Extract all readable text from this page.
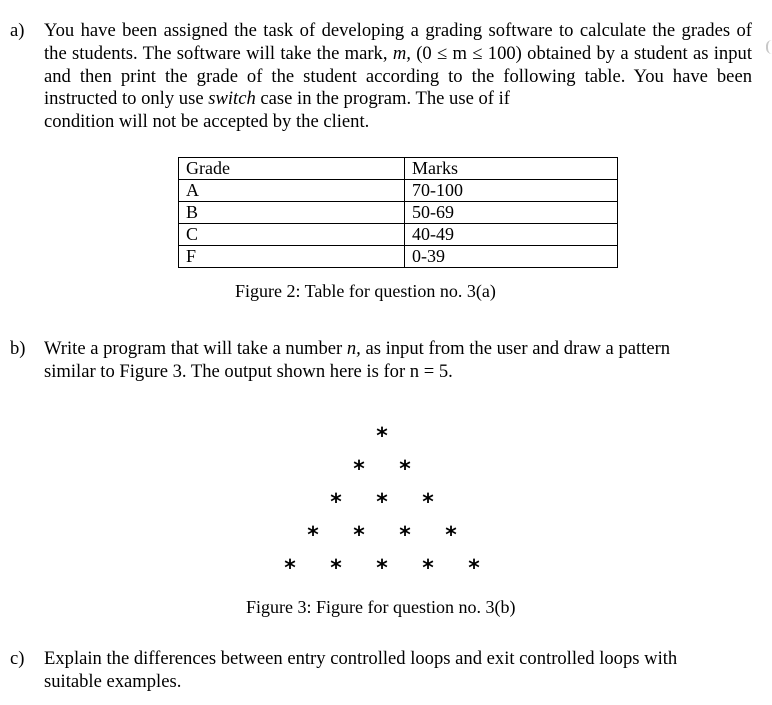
a)	You have been assigned the task of developing a grading software to calculate the grades of the students. The software will take the mark, m, (0 ≤ m ≤ 100) obtained by a student as input and then print the grade of the student according to the following table. You have been instructed to only use switch case in the program. The use of if
condition will not be accepted by the client.
Grade	Marks
A	70-100
B	50-69
C	40-49
F	0-39
Figure 2: Table for question no. 3(a)
b) Write a program that will take a number n, as input from the user and draw a pattern
similar to Figure 3. The output shown here is for n = 5.
*
* *
* * *
* * * *
* * * * *
Figure 3: Figure for question no. 3(b)
c)	Explain the differences between entry controlled loops and exit controlled loops with
suitable examples.
